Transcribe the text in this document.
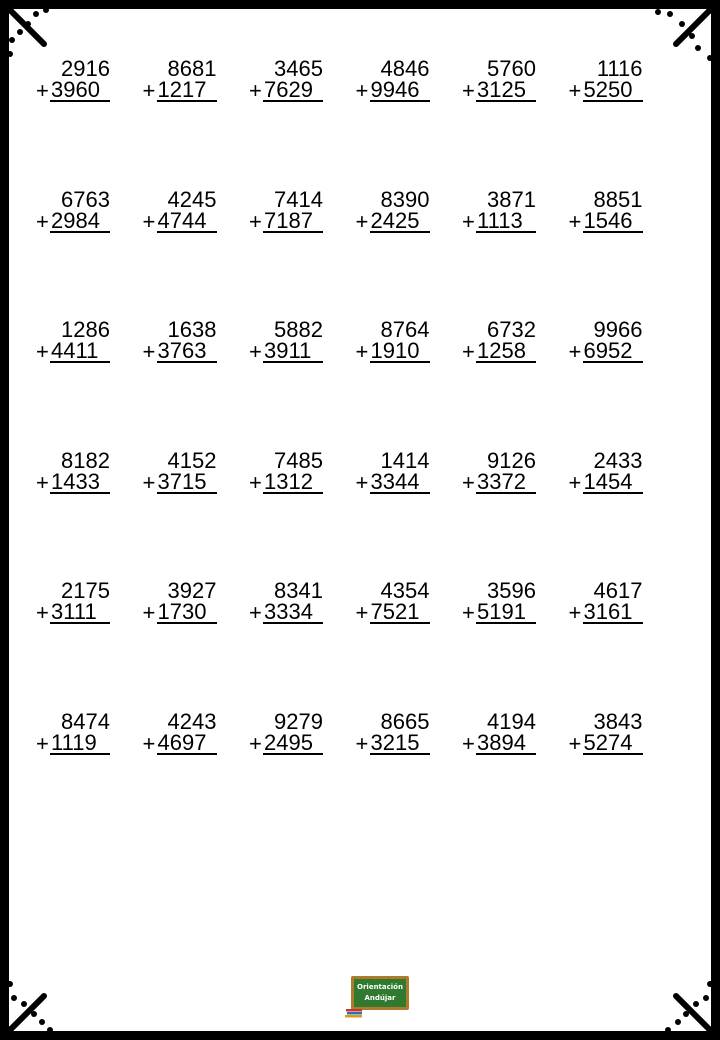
2916
+ 3960
8681
+ 1217
3465
+ 7629
4846
+ 9946
5760
+ 3125
1116
+ 5250
6763
+ 2984
4245
+ 4744
7414
+ 7187
8390
+ 2425
3871
+ 1113
8851
+ 1546
1286
+ 4411
1638
+ 3763
5882
+ 3911
8764
+ 1910
6732
+ 1258
9966
+ 6952
8182
+ 1433
4152
+ 3715
7485
+ 1312
1414
+ 3344
9126
+ 3372
2433
+ 1454
2175
+ 3111
3927
+ 1730
8341
+ 3334
4354
+ 7521
3596
+ 5191
4617
+ 3161
8474
+ 1119
4243
+ 4697
9279
+ 2495
8665
+ 3215
4194
+ 3894
3843
+ 5274
Orientación
Andújar
